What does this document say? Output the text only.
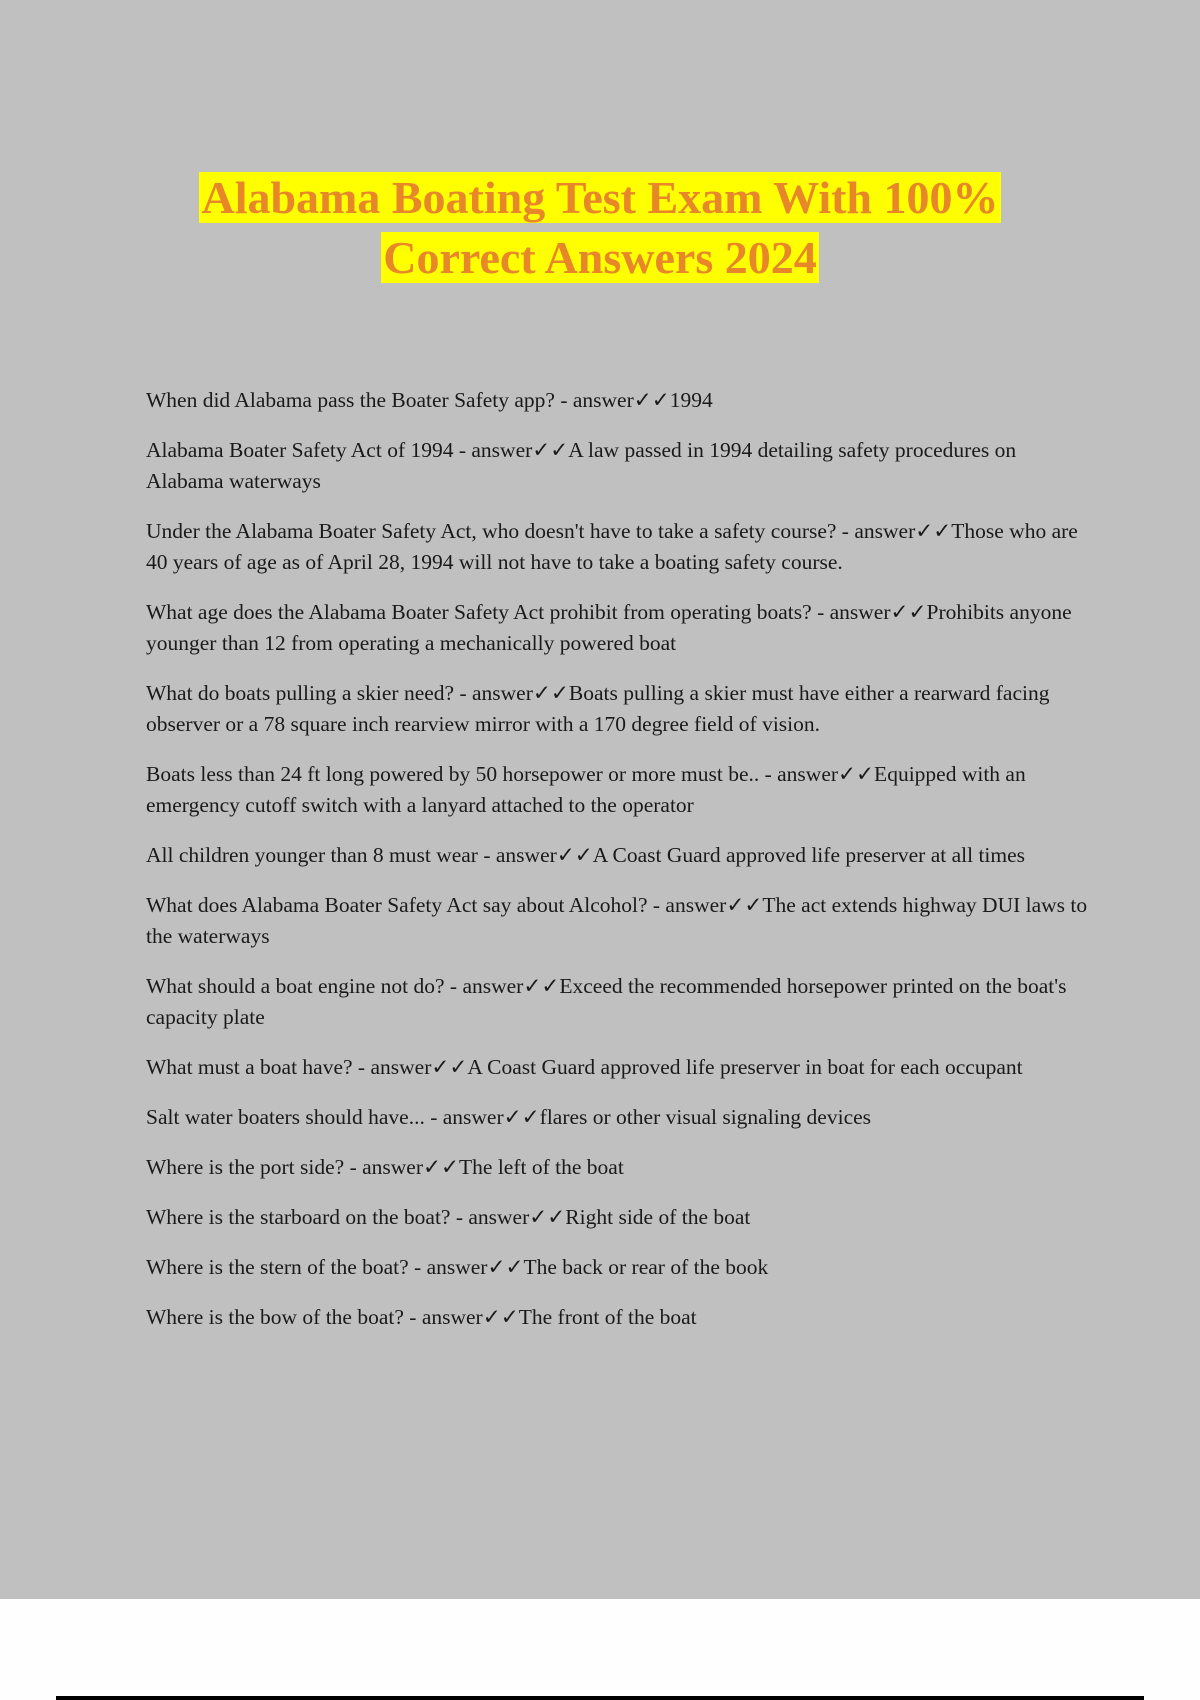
Alabama Boating Test Exam With 100%
Correct Answers 2024
When did Alabama pass the Boater Safety app? - answer✓✓1994
Alabama Boater Safety Act of 1994 - answer✓✓A law passed in 1994 detailing safety procedures on Alabama waterways
Under the Alabama Boater Safety Act, who doesn't have to take a safety course? - answer✓✓Those who are 40 years of age as of April 28, 1994 will not have to take a boating safety course.
What age does the Alabama Boater Safety Act prohibit from operating boats? - answer✓✓Prohibits anyone younger than 12 from operating a mechanically powered boat
What do boats pulling a skier need? - answer✓✓Boats pulling a skier must have either a rearward facing observer or a 78 square inch rearview mirror with a 170 degree field of vision.
Boats less than 24 ft long powered by 50 horsepower or more must be.. - answer✓✓Equipped with an emergency cutoff switch with a lanyard attached to the operator
All children younger than 8 must wear - answer✓✓A Coast Guard approved life preserver at all times
What does Alabama Boater Safety Act say about Alcohol? - answer✓✓The act extends highway DUI laws to the waterways
What should a boat engine not do? - answer✓✓Exceed the recommended horsepower printed on the boat's capacity plate
What must a boat have? - answer✓✓A Coast Guard approved life preserver in boat for each occupant
Salt water boaters should have... - answer✓✓flares or other visual signaling devices
Where is the port side? - answer✓✓The left of the boat
Where is the starboard on the boat? - answer✓✓Right side of the boat
Where is the stern of the boat? - answer✓✓The back or rear of the book
Where is the bow of the boat? - answer✓✓The front of the boat
